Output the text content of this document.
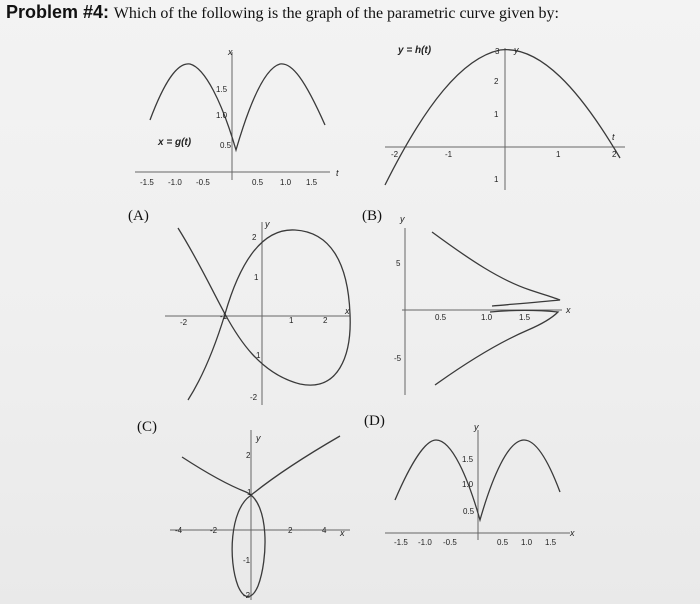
Problem #4: Which of the following is the graph of the parametric curve given by:
(A)	(B)
(C)	(D)
x
t
x = g(t)
1.5
1.0
0.5
-1.5 -1.0 -0.5	0.5 1.0 1.5
y = h(t)	y
t
3
2
1
1
-2	-1	1	2
y
x
2
1
1
-2
-2
-1	1	2
y
x
5
-5
0.5	1.0	1.5
y
x
2
1
-1
-2
-4	-2	2	4
y
x
1.5
1.0
0.5
-1.5 -1.0 -0.5	0.5 1.0 1.5
